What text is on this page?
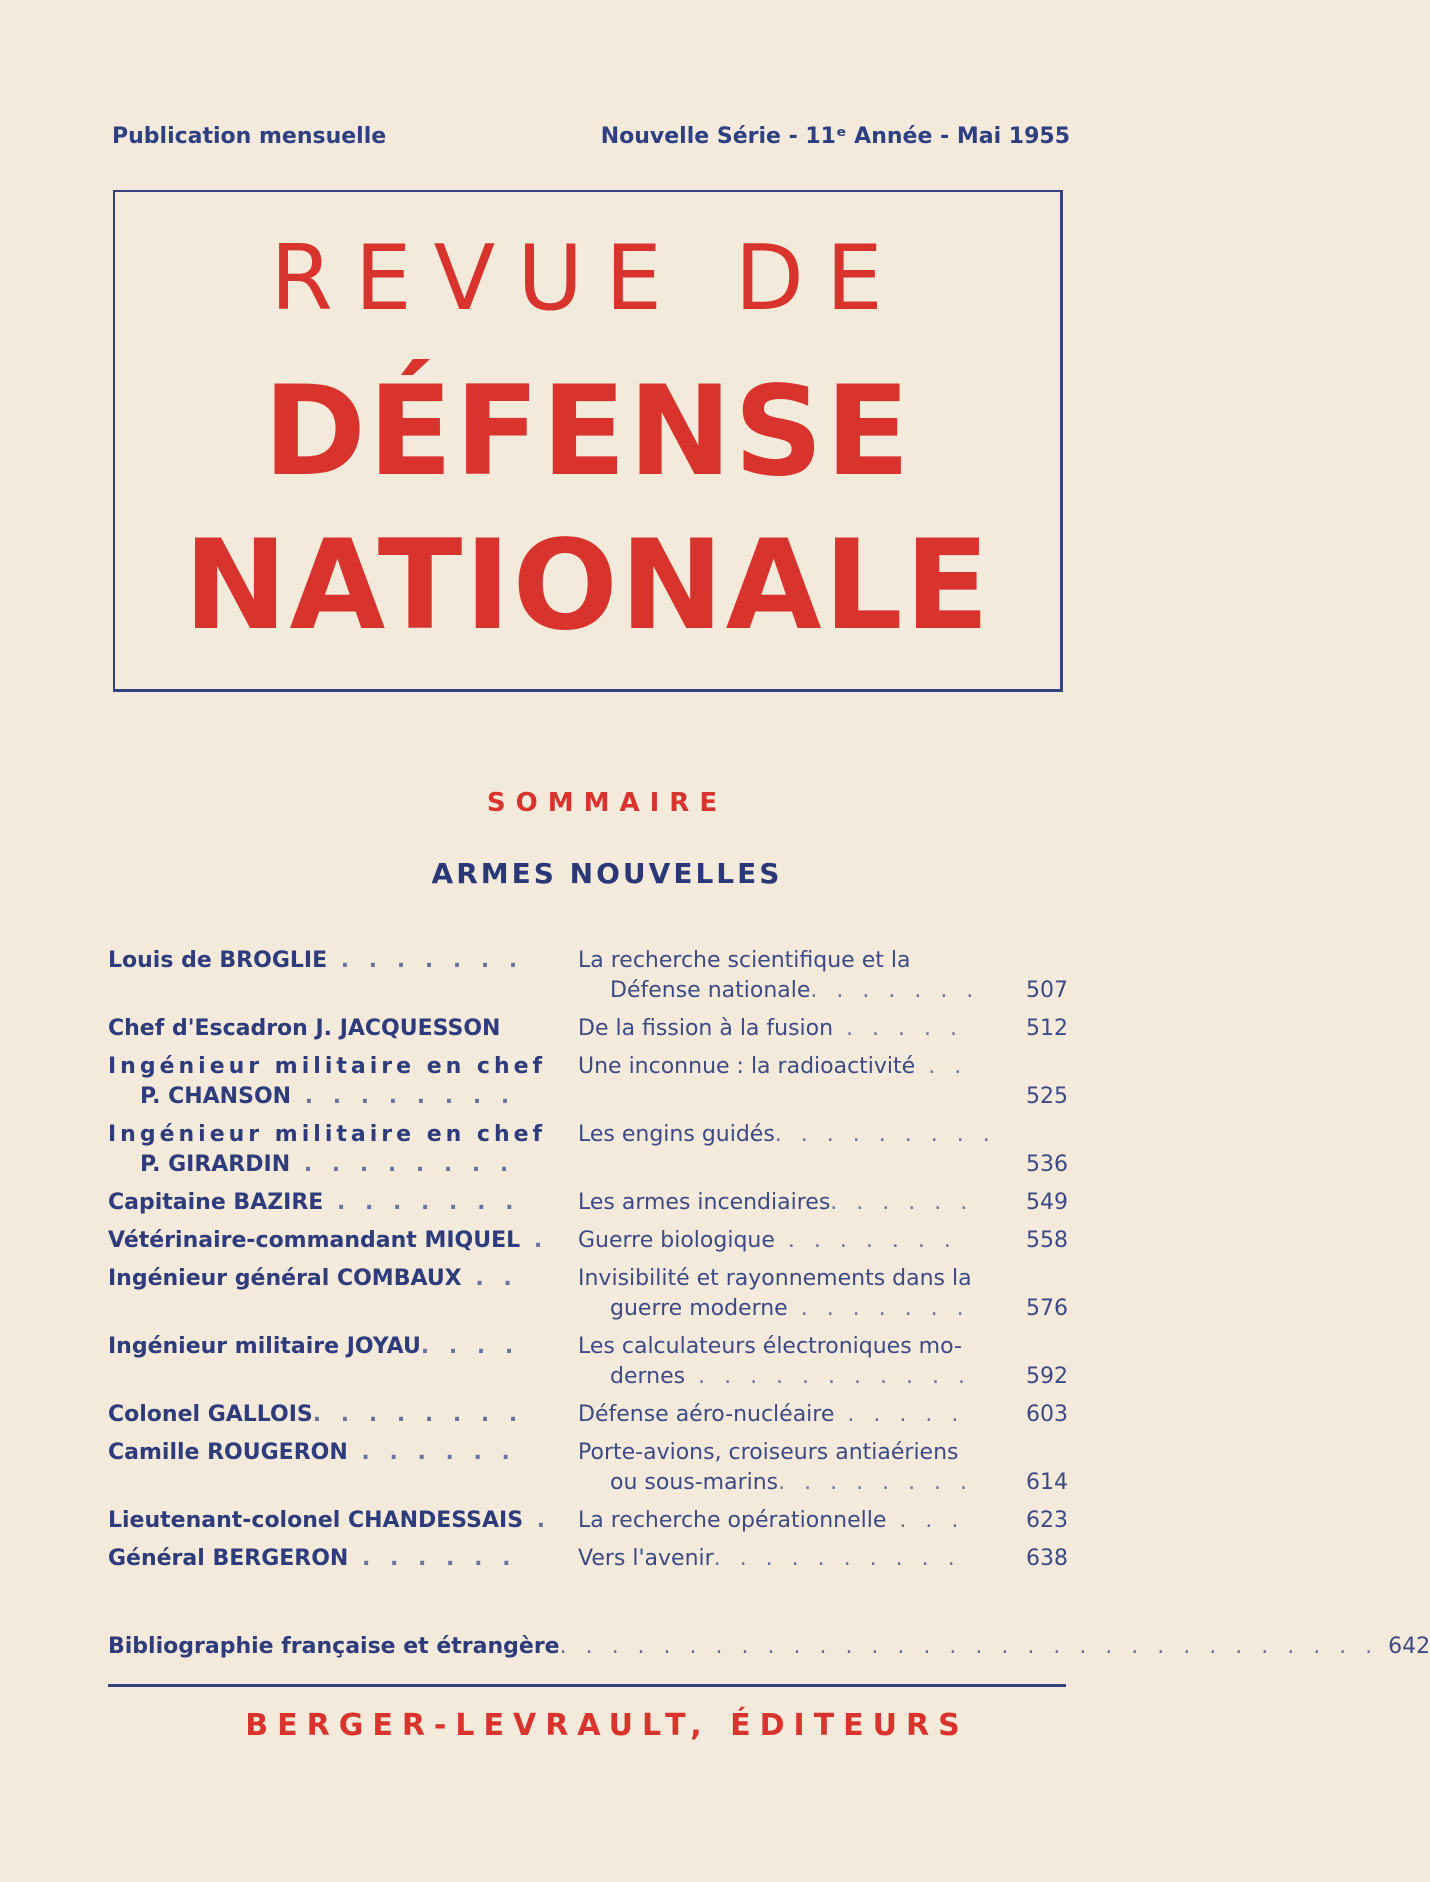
Publication mensuelle	Nouvelle Série - 11ᵉ Année - Mai 1955
REVUE DE
DÉFENSE
NATIONALE
SOMMAIRE
ARMES NOUVELLES
Louis de BROGLIE . . . . . . .	La recherche scientifique et la
Défense nationale. . . . . . .	507
Chef d'Escadron J. JACQUESSON	De la fission à la fusion . . . . .	512
Ingénieur militaire en chef
P. CHANSON . . . . . . . .
Une inconnue : la radioactivité . .
525
Ingénieur militaire en chef
P. GIRARDIN . . . . . . . .
Les engins guidés. . . . . . . . .
536
Capitaine BAZIRE . . . . . . .	Les armes incendiaires. . . . . .	549
Vétérinaire-commandant MIQUEL .	Guerre biologique . . . . . . .	558
Ingénieur général COMBAUX . .	Invisibilité et rayonnements dans la
guerre moderne . . . . . . .	576
Ingénieur militaire JOYAU. . . .	Les calculateurs électroniques mo-
dernes . . . . . . . . . . .	592
Colonel GALLOIS. . . . . . . .	Défense aéro-nucléaire . . . . .	603
Camille ROUGERON . . . . . .	Porte-avions, croiseurs antiaériens
ou sous-marins. . . . . . . .	614
Lieutenant-colonel CHANDESSAIS .	La recherche opérationnelle . . .	623
Général BERGERON . . . . . .	Vers l'avenir. . . . . . . . . .	638
Bibliographie française et étrangère . . . . . . . . . . . . . . . . . . . . . . . . . . . . . . . . 642
BERGER-LEVRAULT, ÉDITEURS
